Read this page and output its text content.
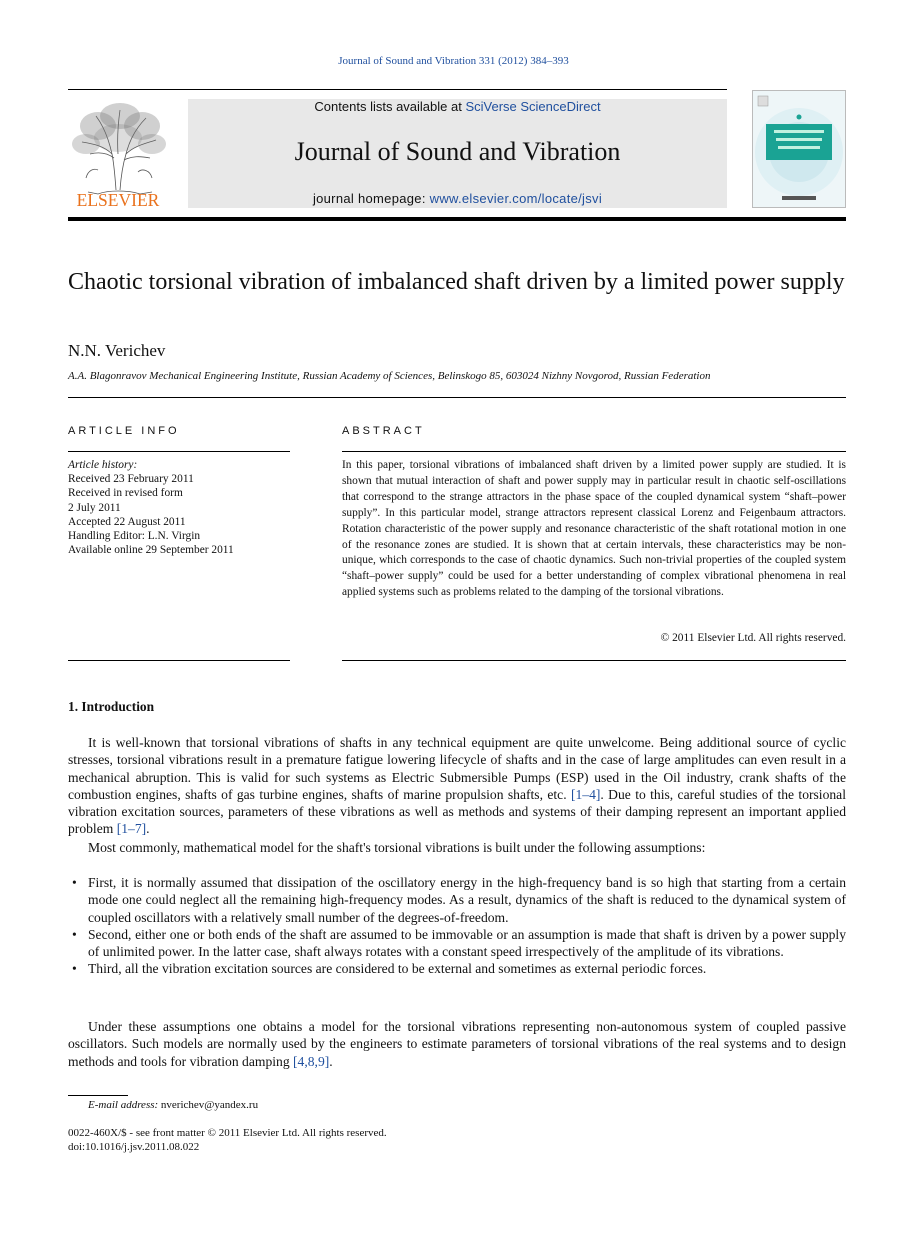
Journal of Sound and Vibration 331 (2012) 384–393
ELSEVIER
Contents lists available at SciVerse ScienceDirect
Journal of Sound and Vibration
journal homepage: www.elsevier.com/locate/jsvi
Chaotic torsional vibration of imbalanced shaft driven by a limited power supply
N.N. Verichev
A.A. Blagonravov Mechanical Engineering Institute, Russian Academy of Sciences, Belinskogo 85, 603024 Nizhny Novgorod, Russian Federation
ARTICLE INFO	ABSTRACT
Article history:
Received 23 February 2011
Received in revised form
2 July 2011
Accepted 22 August 2011
Handling Editor: L.N. Virgin
Available online 29 September 2011
In this paper, torsional vibrations of imbalanced shaft driven by a limited power supply are studied. It is shown that mutual interaction of shaft and power supply may in particular result in chaotic self-oscillations that correspond to the strange attractors in the phase space of the coupled dynamical system “shaft–power supply”. In this particular model, strange attractors represent classical Lorenz and Feigenbaum attractors. Rotation characteristic of the power supply and resonance characteristic of the shaft rotational motion in one of the resonance zones are studied. It is shown that at certain intervals, these characteristics may be non-unique, which corresponds to the case of chaotic dynamics. Such non-trivial properties of the coupled system “shaft–power supply” could be used for a better understanding of complex vibrational phenomena in real applied systems such as problems related to the damping of the torsional vibrations.
© 2011 Elsevier Ltd. All rights reserved.
1. Introduction

It is well-known that torsional vibrations of shafts in any technical equipment are quite unwelcome. Being additional source of cyclic stresses, torsional vibrations result in a premature fatigue lowering lifecycle of shafts and in the case of large amplitudes can even result in a mechanical abruption. This is valid for such systems as Electric Submersible Pumps (ESP) used in the Oil industry, crank shafts of the combustion engines, shafts of gas turbine engines, shafts of marine propulsion shafts, etc. [1–4]. Due to this, careful studies of the torsional vibration excitation sources, parameters of these vibrations as well as methods and systems of their damping represent an important applied problem [1–7].

Most commonly, mathematical model for the shaft's torsional vibrations is built under the following assumptions:

• First, it is normally assumed that dissipation of the oscillatory energy in the high-frequency band is so high that starting from a certain mode one could neglect all the remaining high-frequency modes. As a result, dynamics of the shaft is reduced to the dynamical system of coupled oscillators with a relatively small number of the degrees-of-freedom.
• Second, either one or both ends of the shaft are assumed to be immovable or an assumption is made that shaft is driven by a power supply of unlimited power. In the latter case, shaft always rotates with a constant speed irrespectively of the amplitude of its vibrations.
• Third, all the vibration excitation sources are considered to be external and sometimes as external periodic forces.

Under these assumptions one obtains a model for the torsional vibrations representing non-autonomous system of coupled passive oscillators. Such models are normally used by the engineers to estimate parameters of torsional vibrations of the real systems and to design methods and tools for vibration damping [4,8,9].

E-mail address: nverichev@yandex.ru
0022-460X/$ - see front matter © 2011 Elsevier Ltd. All rights reserved.
doi:10.1016/j.jsv.2011.08.022
